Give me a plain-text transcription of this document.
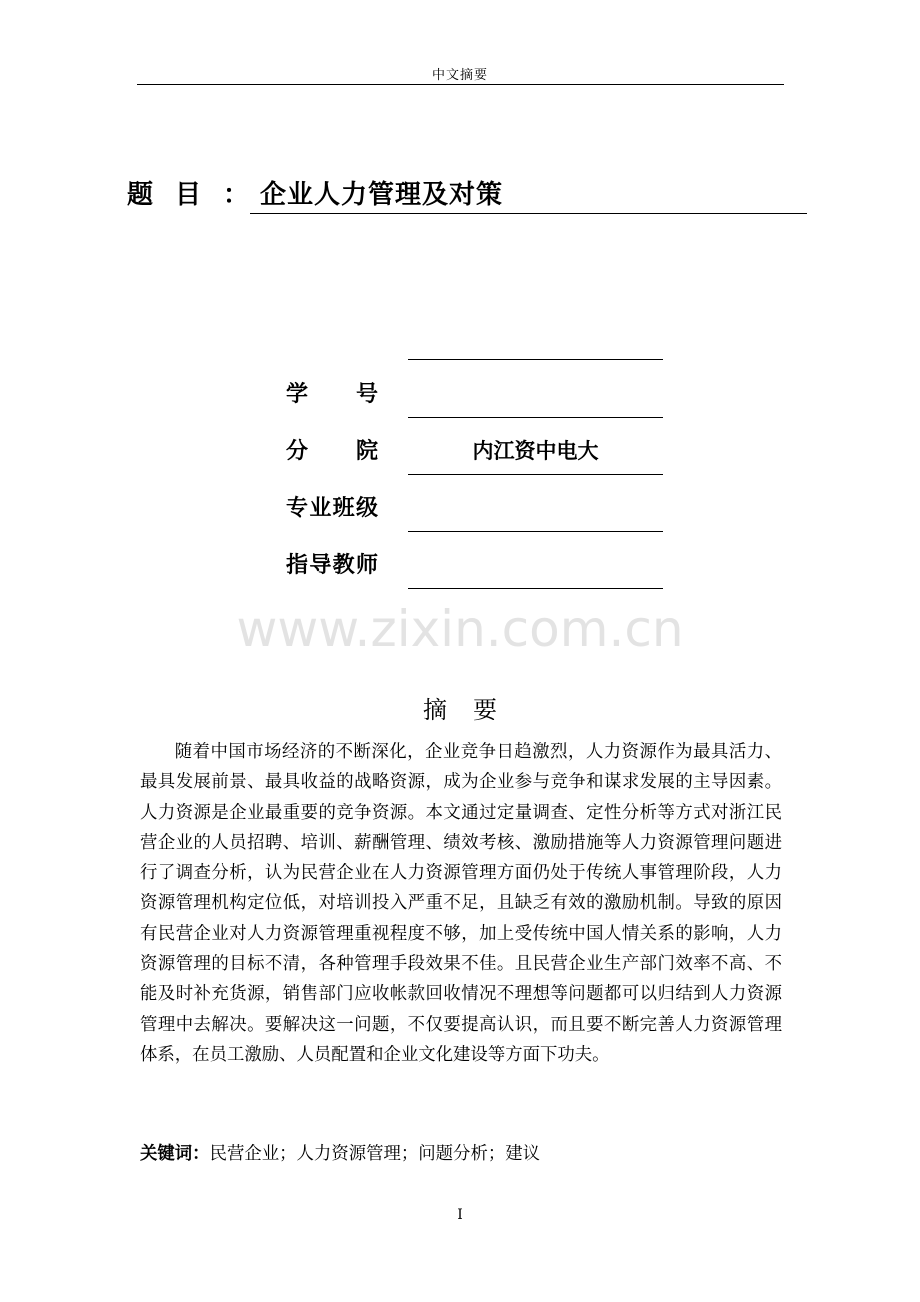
中文摘要
题目：
企业人力管理及对策
学号
分院	内江资中电大
专业班级
指导教师
www.zixin.com.cn
摘要

随着中国市场经济的不断深化，企业竞争日趋激烈，人力资源作为最具活力、最具发展前景、最具收益的战略资源，成为企业参与竞争和谋求发展的主导因素。人力资源是企业最重要的竞争资源。本文通过定量调查、定性分析等方式对浙江民营企业的人员招聘、培训、薪酬管理、绩效考核、激励措施等人力资源管理问题进行了调查分析，认为民营企业在人力资源管理方面仍处于传统人事管理阶段，人力资源管理机构定位低，对培训投入严重不足，且缺乏有效的激励机制。导致的原因有民营企业对人力资源管理重视程度不够，加上受传统中国人情关系的影响，人力资源管理的目标不清，各种管理手段效果不佳。且民营企业生产部门效率不高、不能及时补充货源，销售部门应收帐款回收情况不理想等问题都可以归结到人力资源管理中去解决。要解决这一问题，不仅要提高认识，而且要不断完善人力资源管理体系，在员工激励、人员配置和企业文化建设等方面下功夫。

关键词：民营企业；人力资源管理；问题分析；建议
I
